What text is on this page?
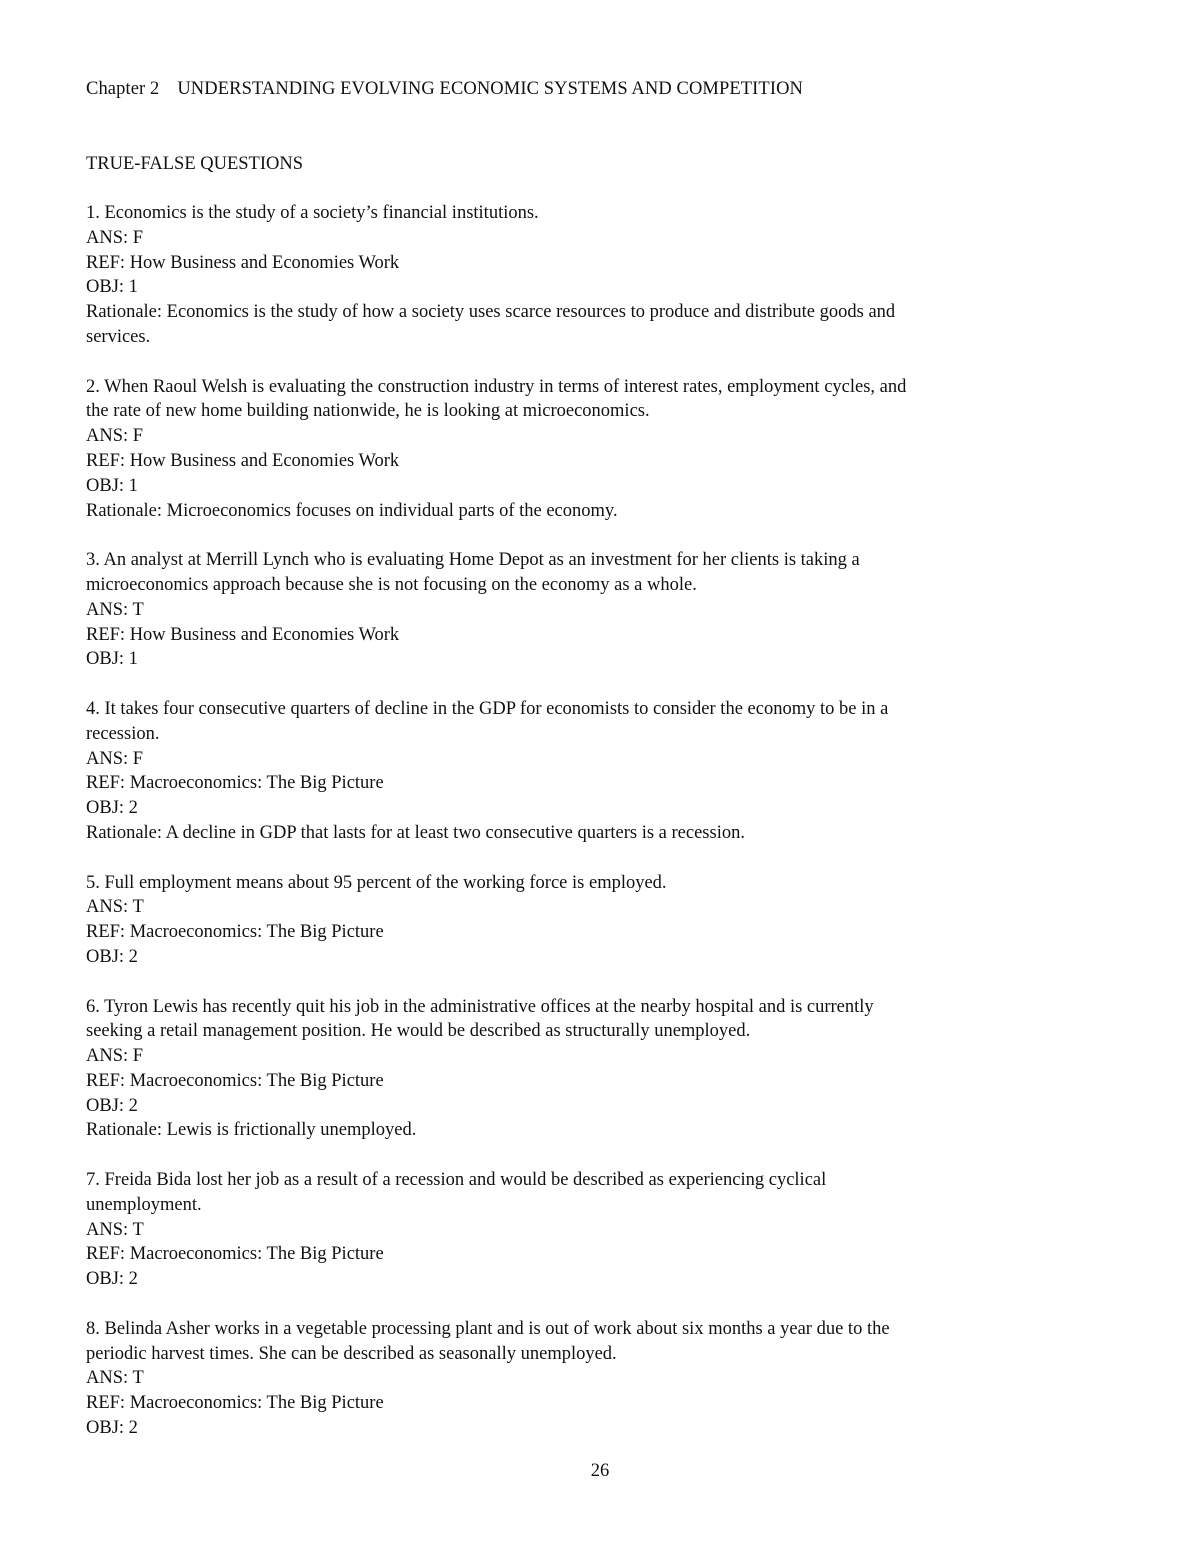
Chapter 2 UNDERSTANDING EVOLVING ECONOMIC SYSTEMS AND COMPETITION
TRUE-FALSE QUESTIONS
1. Economics is the study of a society’s financial institutions.
ANS: F
REF: How Business and Economies Work
OBJ: 1
Rationale: Economics is the study of how a society uses scarce resources to produce and distribute goods and
services.
2. When Raoul Welsh is evaluating the construction industry in terms of interest rates, employment cycles, and
the rate of new home building nationwide, he is looking at microeconomics.
ANS: F
REF: How Business and Economies Work
OBJ: 1
Rationale: Microeconomics focuses on individual parts of the economy.
3. An analyst at Merrill Lynch who is evaluating Home Depot as an investment for her clients is taking a
microeconomics approach because she is not focusing on the economy as a whole.
ANS: T
REF: How Business and Economies Work
OBJ: 1
4. It takes four consecutive quarters of decline in the GDP for economists to consider the economy to be in a
recession.
ANS: F
REF: Macroeconomics: The Big Picture
OBJ: 2
Rationale: A decline in GDP that lasts for at least two consecutive quarters is a recession.
5. Full employment means about 95 percent of the working force is employed.
ANS: T
REF: Macroeconomics: The Big Picture
OBJ: 2
6. Tyron Lewis has recently quit his job in the administrative offices at the nearby hospital and is currently
seeking a retail management position. He would be described as structurally unemployed.
ANS: F
REF: Macroeconomics: The Big Picture
OBJ: 2
Rationale: Lewis is frictionally unemployed.
7. Freida Bida lost her job as a result of a recession and would be described as experiencing cyclical
unemployment.
ANS: T
REF: Macroeconomics: The Big Picture
OBJ: 2
8. Belinda Asher works in a vegetable processing plant and is out of work about six months a year due to the
periodic harvest times. She can be described as seasonally unemployed.
ANS: T
REF: Macroeconomics: The Big Picture
OBJ: 2
26
